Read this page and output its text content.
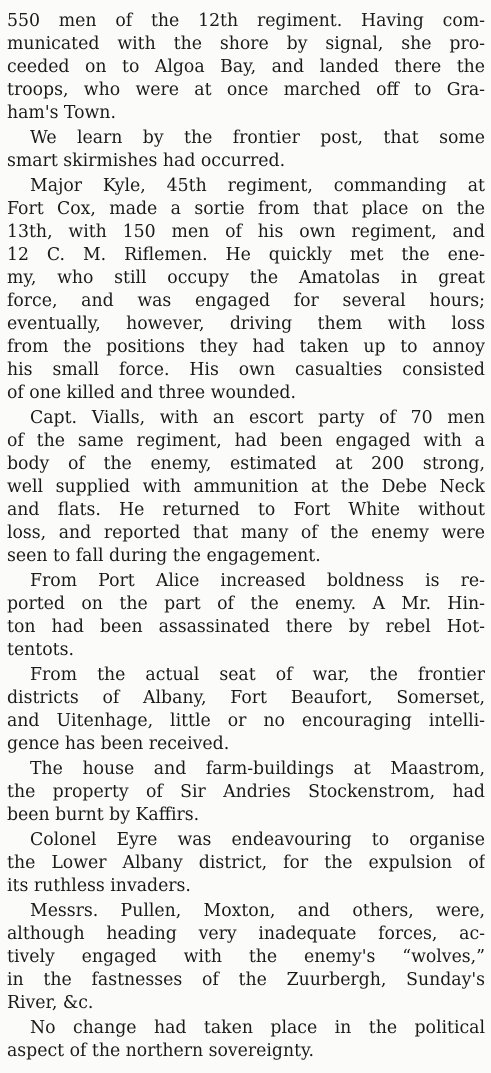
550 men of the 12th regiment. Having com-
municated with the shore by signal, she pro-
ceeded on to Algoa Bay, and landed there the
troops, who were at once marched off to Gra-
ham's Town.
We learn by the frontier post, that some
smart skirmishes had occurred.
Major Kyle, 45th regiment, commanding at
Fort Cox, made a sortie from that place on the
13th, with 150 men of his own regiment, and
12 C. M. Riflemen. He quickly met the ene-
my, who still occupy the Amatolas in great
force, and was engaged for several hours;
eventually, however, driving them with loss
from the positions they had taken up to annoy
his small force. His own casualties consisted
of one killed and three wounded.
Capt. Vialls, with an escort party of 70 men
of the same regiment, had been engaged with a
body of the enemy, estimated at 200 strong,
well supplied with ammunition at the Debe Neck
and flats. He returned to Fort White without
loss, and reported that many of the enemy were
seen to fall during the engagement.
From Port Alice increased boldness is re-
ported on the part of the enemy. A Mr. Hin-
ton had been assassinated there by rebel Hot-
tentots.
From the actual seat of war, the frontier
districts of Albany, Fort Beaufort, Somerset,
and Uitenhage, little or no encouraging intelli-
gence has been received.
The house and farm-buildings at Maastrom,
the property of Sir Andries Stockenstrom, had
been burnt by Kaffirs.
Colonel Eyre was endeavouring to organise
the Lower Albany district, for the expulsion of
its ruthless invaders.
Messrs. Pullen, Moxton, and others, were,
although heading very inadequate forces, ac-
tively engaged with the enemy's “wolves,”
in the fastnesses of the Zuurbergh, Sunday's
River, &c.
No change had taken place in the political
aspect of the northern sovereignty.
